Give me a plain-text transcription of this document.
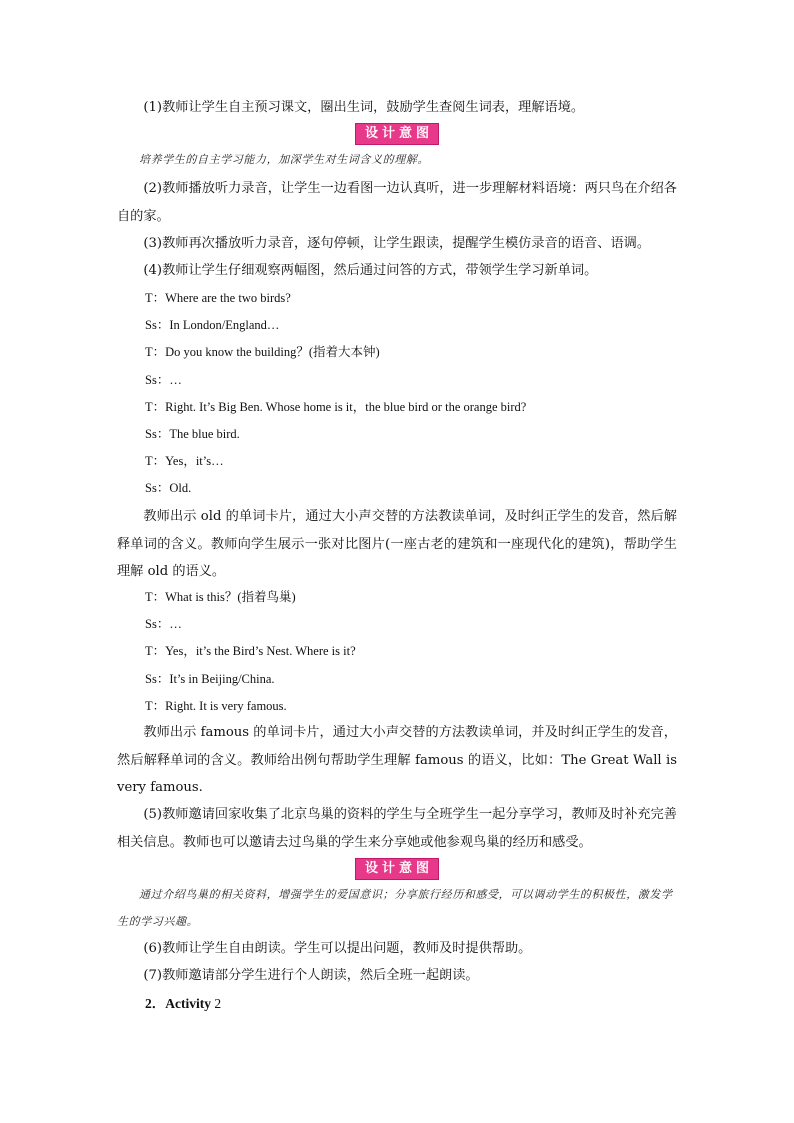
(1)教师让学生自主预习课文，圈出生词，鼓励学生查阅生词表，理解语境。
设计意图
培养学生的自主学习能力，加深学生对生词含义的理解。
(2)教师播放听力录音，让学生一边看图一边认真听，进一步理解材料语境：两只鸟在介绍各自的家。
(3)教师再次播放听力录音，逐句停顿，让学生跟读，提醒学生模仿录音的语音、语调。
(4)教师让学生仔细观察两幅图，然后通过问答的方式，带领学生学习新单词。
T：Where are the two birds?
Ss：In London/England…
T：Do you know the building？(指着大本钟)
Ss：…
T：Right. It’s Big Ben. Whose home is it，the blue bird or the orange bird?
Ss：The blue bird.
T：Yes，it’s…
Ss：Old.
教师出示 old 的单词卡片，通过大小声交替的方法教读单词，及时纠正学生的发音，然后解释单词的含义。教师向学生展示一张对比图片(一座古老的建筑和一座现代化的建筑)，帮助学生理解 old 的语义。
T：What is this？(指着鸟巢)
Ss：…
T：Yes，it’s the Bird’s Nest. Where is it?
Ss：It’s in Beijing/China.
T：Right. It is very famous.
教师出示 famous 的单词卡片，通过大小声交替的方法教读单词，并及时纠正学生的发音，然后解释单词的含义。教师给出例句帮助学生理解 famous 的语义，比如：The Great Wall is very famous.
(5)教师邀请回家收集了北京鸟巢的资料的学生与全班学生一起分享学习，教师及时补充完善相关信息。教师也可以邀请去过鸟巢的学生来分享她或他参观鸟巢的经历和感受。
设计意图
通过介绍鸟巢的相关资料，增强学生的爱国意识；分享旅行经历和感受，可以调动学生的积极性，激发学生的学习兴趣。
(6)教师让学生自由朗读。学生可以提出问题，教师及时提供帮助。
(7)教师邀请部分学生进行个人朗读，然后全班一起朗读。
2．Activity 2
